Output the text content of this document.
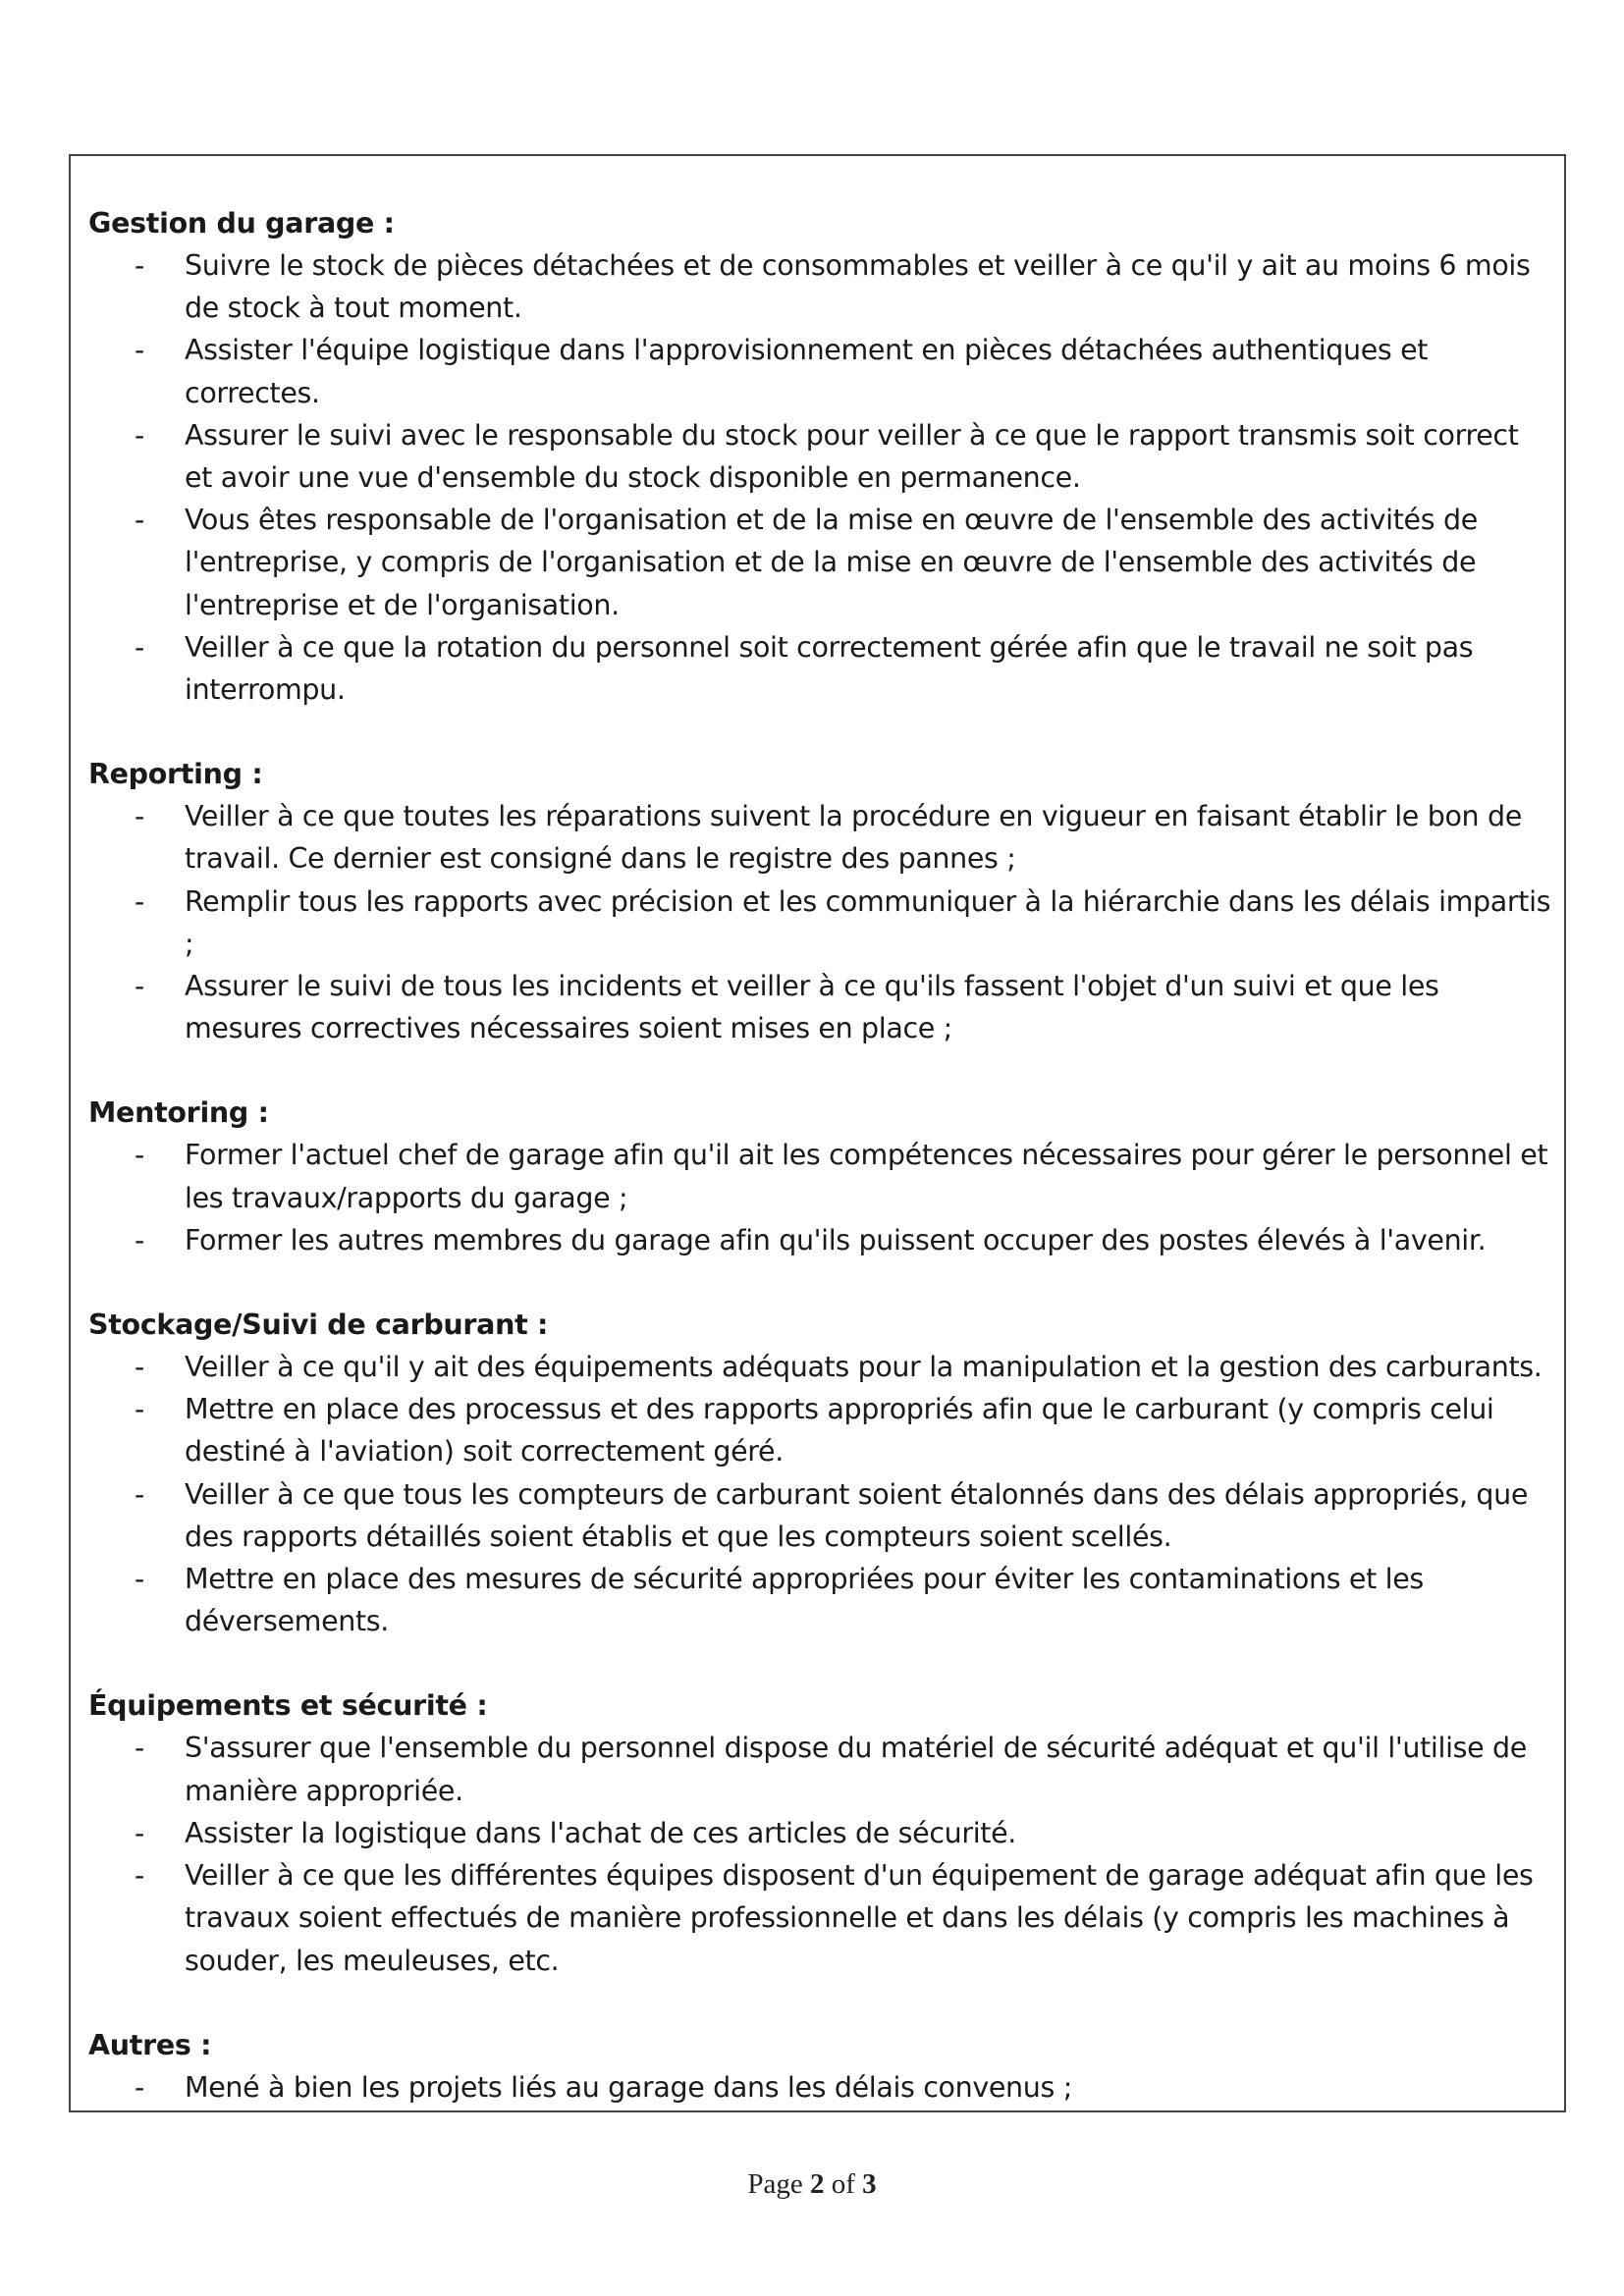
Gestion du garage :

- Suivre le stock de pièces détachées et de consommables et veiller à ce qu'il y ait au moins 6 mois de stock à tout moment.
- Assister l'équipe logistique dans l'approvisionnement en pièces détachées authentiques et correctes.
- Assurer le suivi avec le responsable du stock pour veiller à ce que le rapport transmis soit correct et avoir une vue d'ensemble du stock disponible en permanence.
- Vous êtes responsable de l'organisation et de la mise en œuvre de l'ensemble des activités de l'entreprise, y compris de l'organisation et de la mise en œuvre de l'ensemble des activités de l'entreprise et de l'organisation.
- Veiller à ce que la rotation du personnel soit correctement gérée afin que le travail ne soit pas interrompu.

Reporting :

- Veiller à ce que toutes les réparations suivent la procédure en vigueur en faisant établir le bon de travail. Ce dernier est consigné dans le registre des pannes ;
- Remplir tous les rapports avec précision et les communiquer à la hiérarchie dans les délais impartis ;
- Assurer le suivi de tous les incidents et veiller à ce qu'ils fassent l'objet d'un suivi et que les mesures correctives nécessaires soient mises en place ;

Mentoring :

- Former l'actuel chef de garage afin qu'il ait les compétences nécessaires pour gérer le personnel et les travaux/rapports du garage ;
- Former les autres membres du garage afin qu'ils puissent occuper des postes élevés à l'avenir.

Stockage/Suivi de carburant :

- Veiller à ce qu'il y ait des équipements adéquats pour la manipulation et la gestion des carburants.
- Mettre en place des processus et des rapports appropriés afin que le carburant (y compris celui destiné à l'aviation) soit correctement géré.
- Veiller à ce que tous les compteurs de carburant soient étalonnés dans des délais appropriés, que des rapports détaillés soient établis et que les compteurs soient scellés.
- Mettre en place des mesures de sécurité appropriées pour éviter les contaminations et les déversements.

Équipements et sécurité :

- S'assurer que l'ensemble du personnel dispose du matériel de sécurité adéquat et qu'il l'utilise de manière appropriée.
- Assister la logistique dans l'achat de ces articles de sécurité.
- Veiller à ce que les différentes équipes disposent d'un équipement de garage adéquat afin que les travaux soient effectués de manière professionnelle et dans les délais (y compris les machines à souder, les meuleuses, etc.

Autres :

- Mené à bien les projets liés au garage dans les délais convenus ;
Page 2 of 3
